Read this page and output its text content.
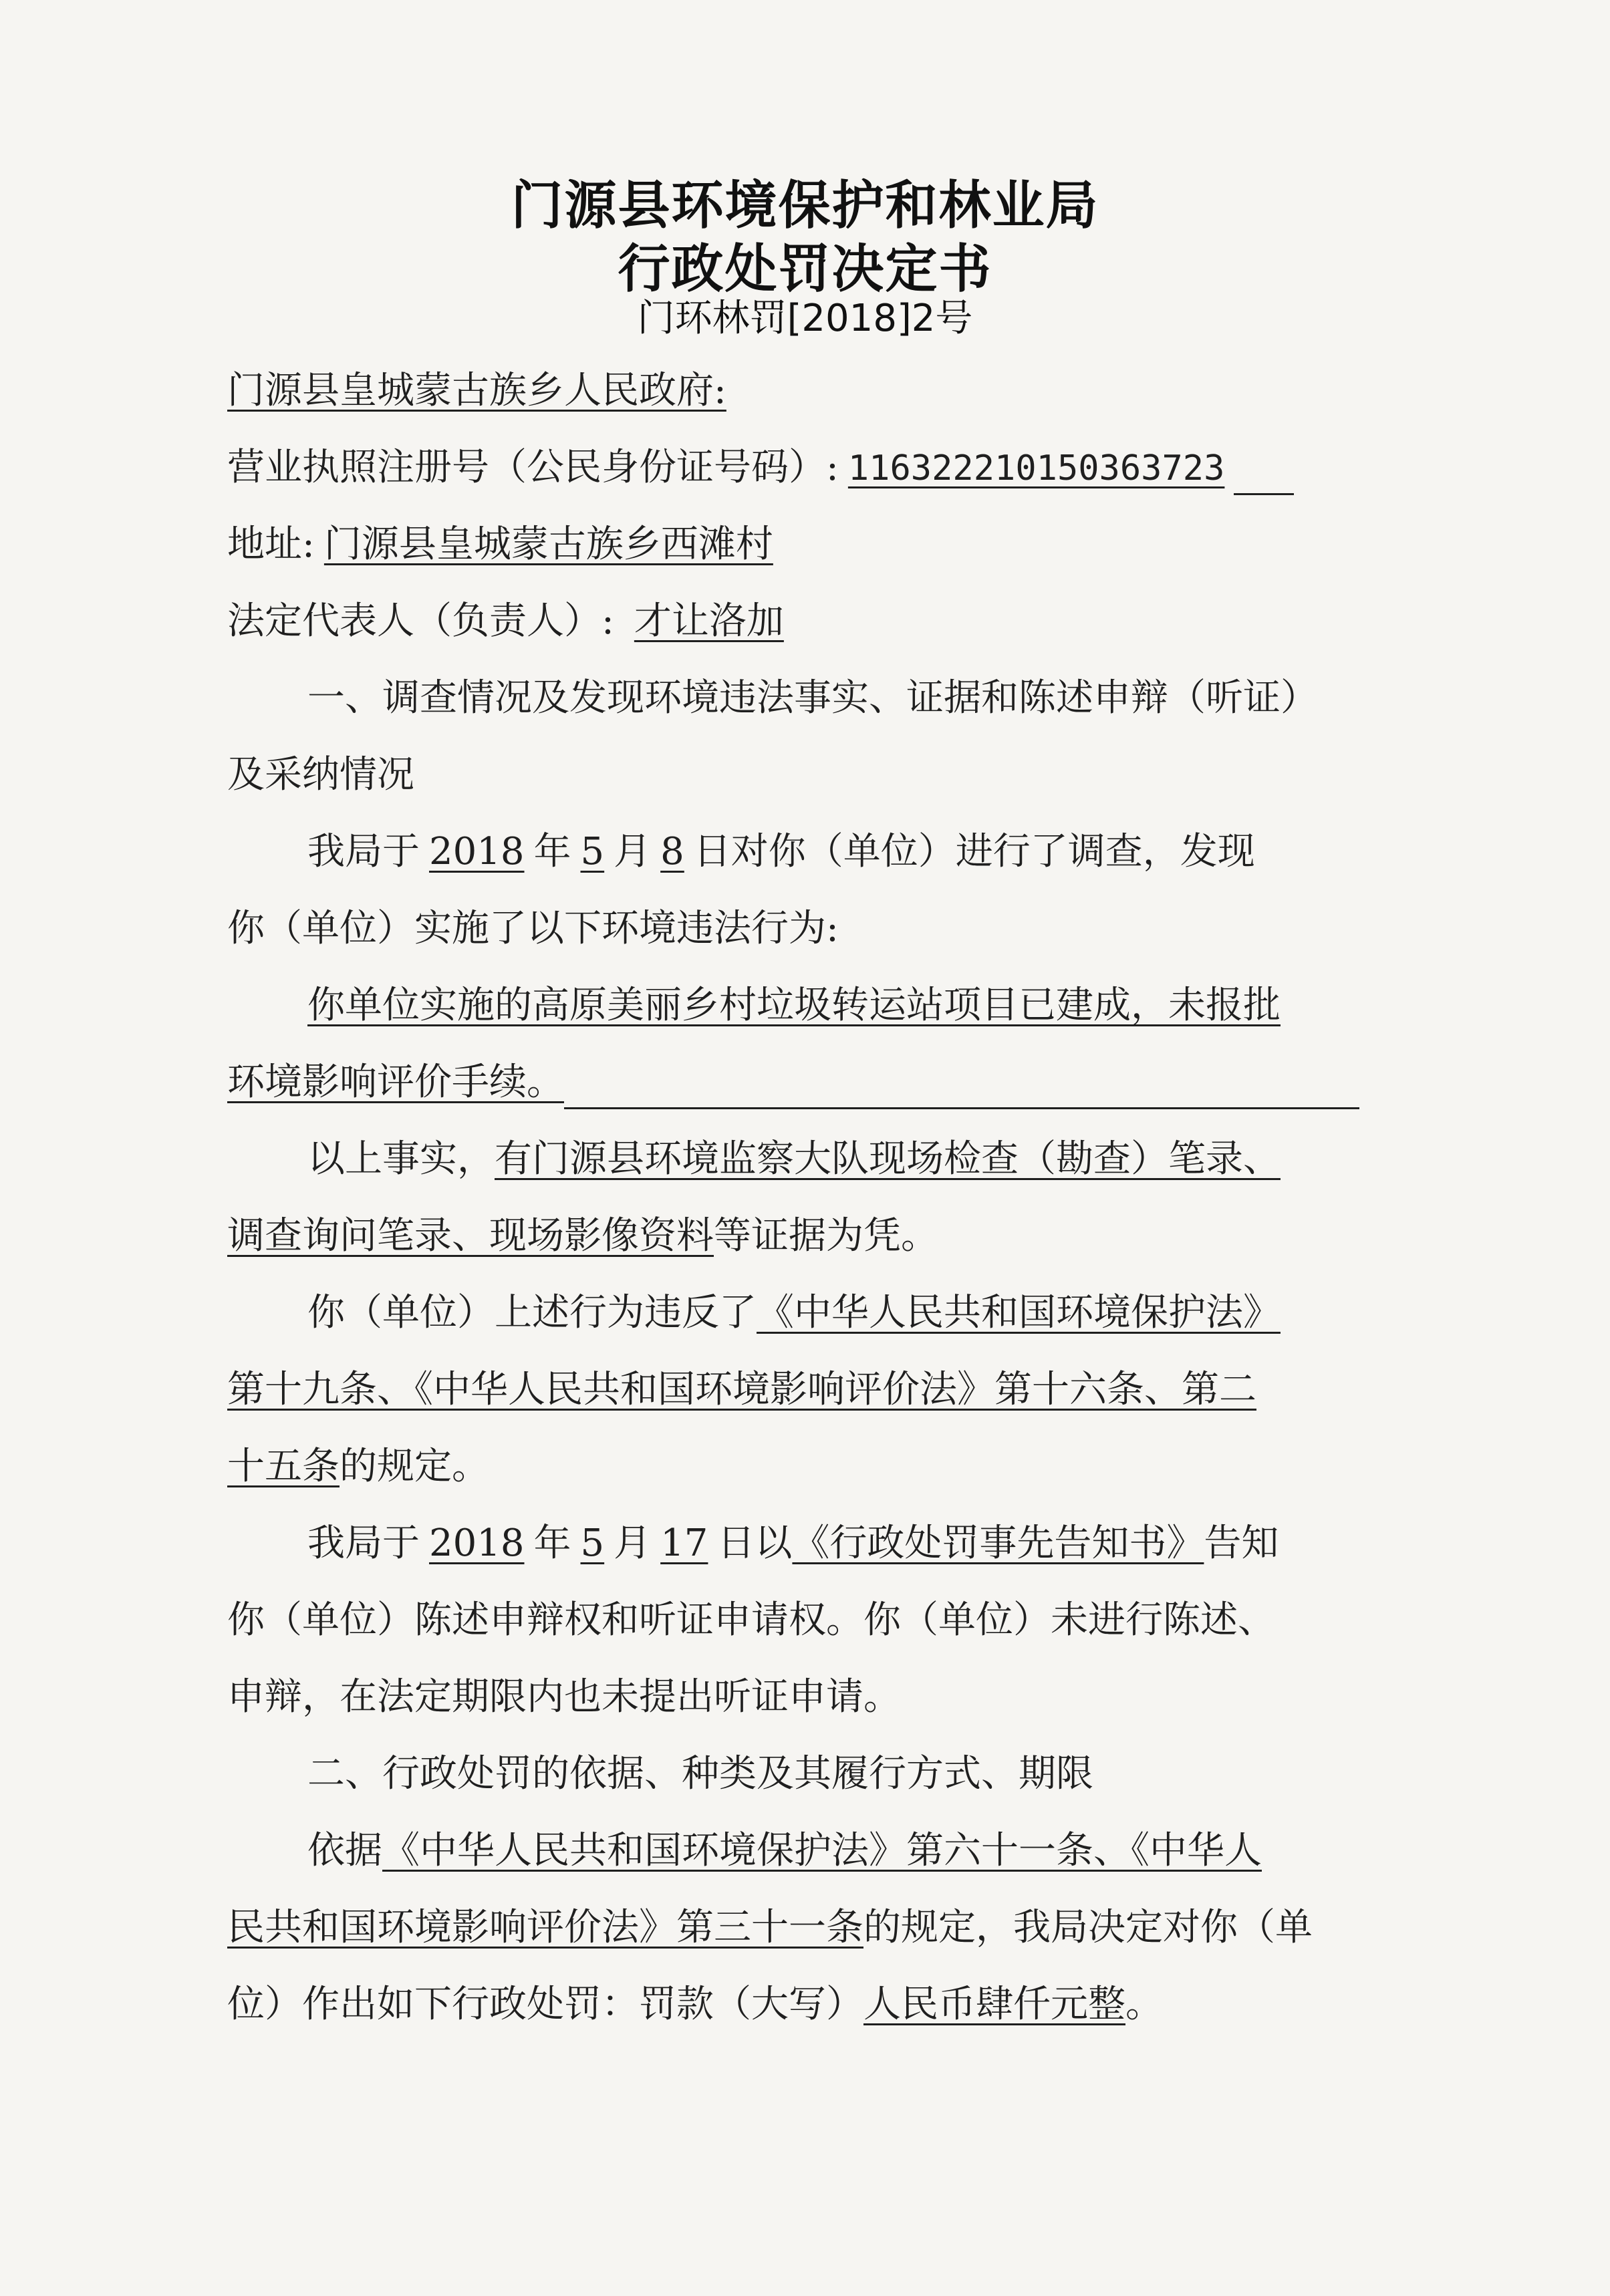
门源县环境保护和林业局
行政处罚决定书
门环林罚[2018]2号
门源县皇城蒙古族乡人民政府:
营业执照注册号（公民身份证号码）: 11632221015036372З
地址: 门源县皇城蒙古族乡西滩村
法定代表人（负责人）: 才让洛加
一、调查情况及发现环境违法事实、证据和陈述申辩（听证）
及采纳情况
我局于 2018 年 5 月 8 日对你（单位）进行了调查，发现
你（单位）实施了以下环境违法行为:
你单位实施的高原美丽乡村垃圾转运站项目已建成，未报批
环境影响评价手续。
以上事实，有门源县环境监察大队现场检查（勘查）笔录、
调查询问笔录、现场影像资料等证据为凭。
你（单位）上述行为违反了《中华人民共和国环境保护法》
第十九条、《中华人民共和国环境影响评价法》第十六条、第二
十五条的规定。
我局于 2018 年 5 月 17 日以《行政处罚事先告知书》告知
你（单位）陈述申辩权和听证申请权。你（单位）未进行陈述、
申辩，在法定期限内也未提出听证申请。
二、行政处罚的依据、种类及其履行方式、期限
依据《中华人民共和国环境保护法》第六十一条、《中华人
民共和国环境影响评价法》第三十一条的规定，我局决定对你（单
位）作出如下行政处罚：罚款（大写）人民币肆仟元整。
